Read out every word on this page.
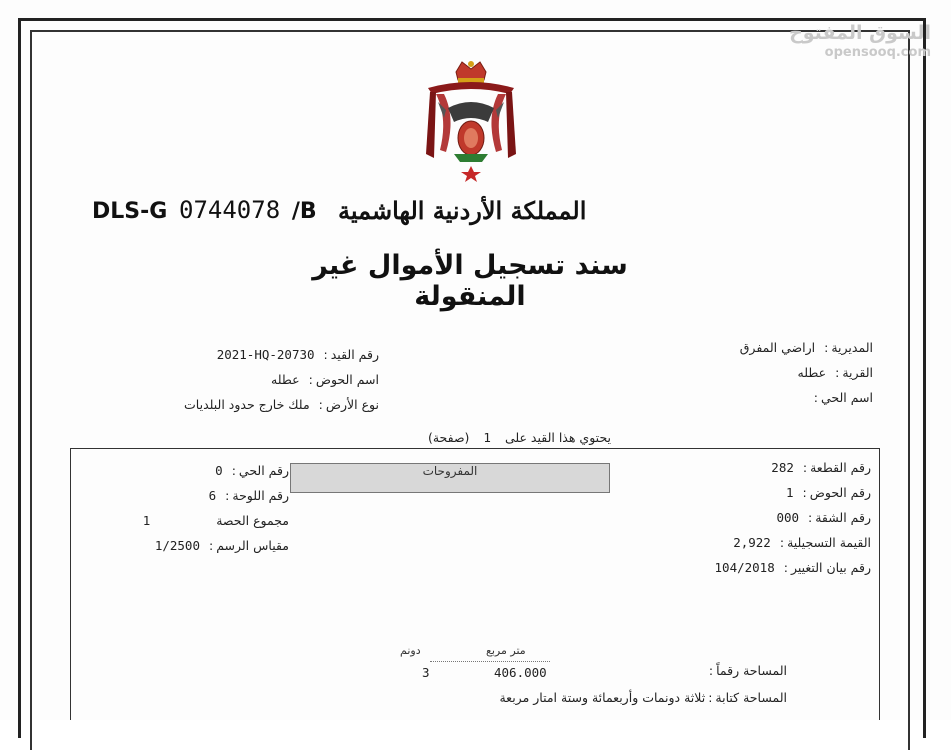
السوق المفتوح
opensooq.com
DLS-G 0744078 /B المملكة الأردنية الهاشمية
سند تسجيل الأموال غير المنقولة
المديرية:اراضي المفرق
القرية:عطله
اسم الحي:
رقم القيد:2021-HQ-20730
اسم الحوض:عطله
نوع الأرض:ملك خارج حدود البلديات
يحتوي هذا القيد على 1 (صفحة)
المفروحات	رقم القطعة:282
رقم الحوض:1
رقم الشقة:000
القيمة التسجيلية:2,922
رقم بيان التغيير:104/2018
رقم الحي:0
رقم اللوحة:6
مجموع الحصة1
مقياس الرسم:1/2500
دونم	متر مربع
المساحة رقماً:
406.000
3
المساحة كتابة:ثلاثة دونمات وأربعمائة وستة امتار مربعة
